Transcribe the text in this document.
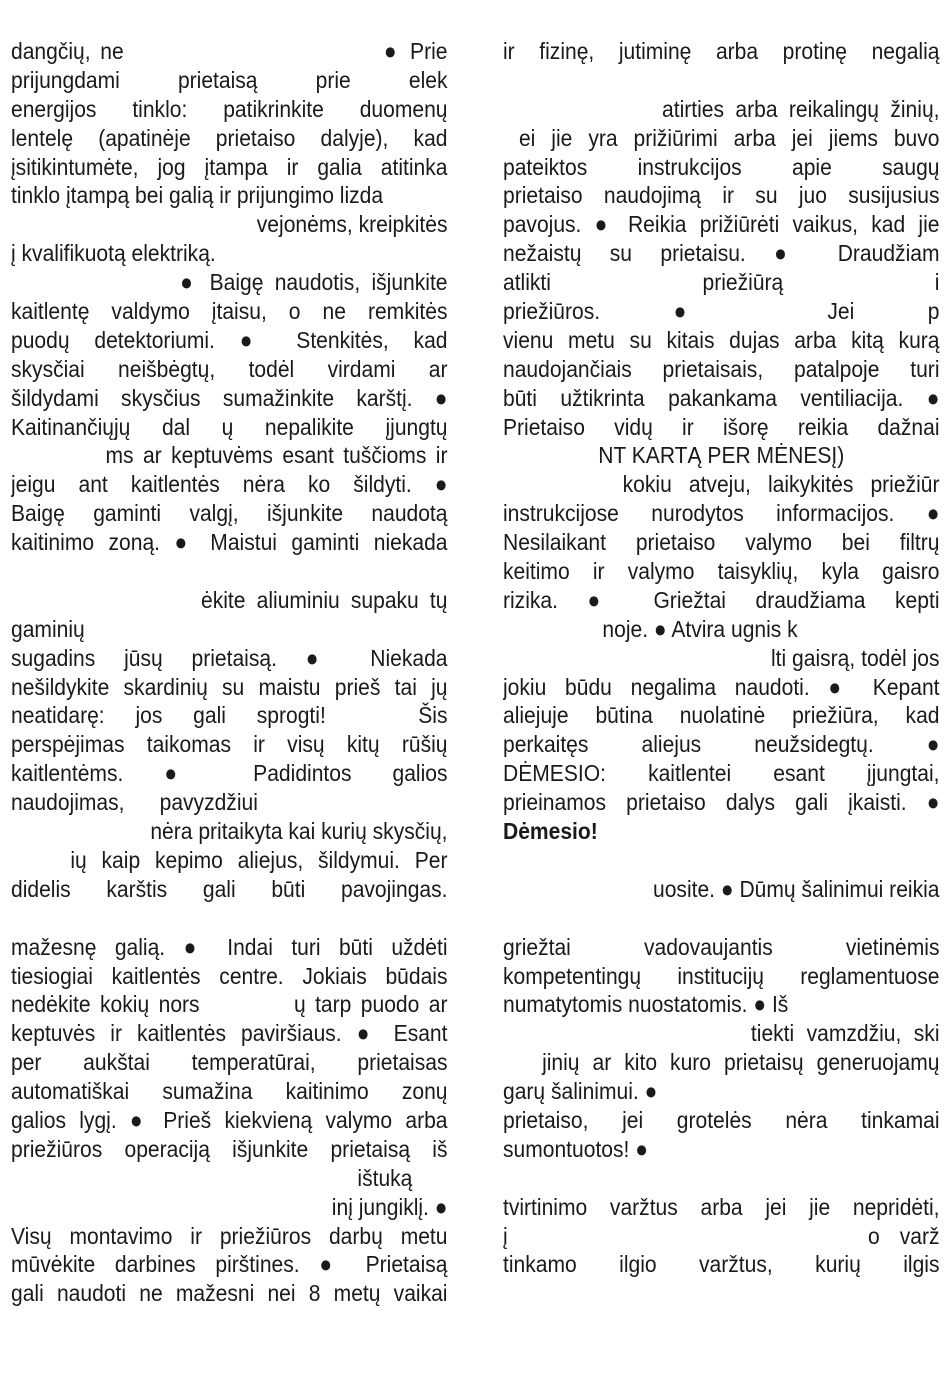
dangčių, ne                           ● Prie
prijungdami prietaisą prie elek
energijos tinklo: patikrinkite duomenų
lentelę (apatinėje prietaiso dalyje), kad
įsitikintumėte, jog įtampa ir galia atitinka
tinklo įtampą bei galią ir prijungimo lizda
vejonėms, kreipkitės
į kvalifikuotą elektriką.
● Baigę naudotis, išjunkite
kaitlentę valdymo įtaisu, o ne remkitės
puodų detektoriumi. ● Stenkitės, kad
skysčiai neišbėgtų, todėl virdami ar
šildydami skysčius sumažinkite karštį. ●
Kaitinančiųjų dal ų nepalikite įjungtų
ms ar keptuvėms esant tuščioms ir
jeigu ant kaitlentės nėra ko šildyti. ●
Baigę gaminti valgį, išjunkite naudotą
kaitinimo zoną. ● Maistui gaminti niekada
ėkite aliuminiu supaku tų
gaminių
sugadins jūsų prietaisą. ● Niekada
nešildykite skardinių su maistu prieš tai jų
neatidarę: jos gali sprogti!   Šis
perspėjimas taikomas ir visų kitų rūšių
kaitlentėms. ● Padidintos galios
naudojimas,      pavyzdžiui
nėra pritaikyta kai kurių skysčių,
ių kaip kepimo aliejus, šildymui. Per
didelis karštis gali būti pavojingas.
mažesnę galią. ● Indai turi būti uždėti
tiesiogiai kaitlentės centre. Jokiais būdais
nedėkite kokių nors          ų tarp puodo ar
keptuvės ir kaitlentės paviršiaus. ● Esant
per aukštai temperatūrai, prietaisas
automatiškai sumažina kaitinimo zonų
galios lygį. ● Prieš kiekvieną valymo arba
priežiūros operaciją išjunkite prietaisą iš
ištuką
inį jungiklį. ●
Visų montavimo ir priežiūros darbų metu
mūvėkite darbines pirštines. ● Prietaisą
gali naudoti ne mažesni nei 8 metų vaikai
ir fizinę, jutiminę arba protinę negalią
atirties arba reikalingų žinių,
ei jie yra prižiūrimi arba jei jiems buvo
pateiktos instrukcijos apie saugų
prietaiso naudojimą ir su juo susijusius
pavojus. ● Reikia prižiūrėti vaikus, kad jie
nežaistų su prietaisu. ● Draudžiam
atlikti priežiūrą i
priežiūros. ● Jei p
vienu metu su kitais dujas arba kitą kurą
naudojančiais prietaisais, patalpoje turi
būti užtikrinta pakankama ventiliacija. ●
Prietaiso vidų ir išorę reikia dažnai
NT KARTĄ PER MĖNESĮ)
kokiu atveju, laikykitės priežiūr
instrukcijose nurodytos informacijos. ●
Nesilaikant prietaiso valymo bei filtrų
keitimo ir valymo taisyklių, kyla gaisro
rizika. ● Griežtai draudžiama kepti
noje. ● Atvira ugnis k
lti gaisrą, todėl jos
jokiu būdu negalima naudoti. ● Kepant
aliejuje būtina nuolatinė priežiūra, kad
perkaitęs aliejus neužsidegtų. ●
DĖMESIO: kaitlentei esant įjungtai,
prieinamos prietaiso dalys gali įkaisti. ●
Dėmesio!
uosite. ● Dūmų šalinimui reikia
griežtai vadovaujantis vietinėmis
kompetentingų institucijų reglamentuose
numatytomis nuostatomis. ● Iš
tiekti vamzdžiu, ski
jinių ar kito kuro prietaisų generuojamų
garų šalinimui. ●
prietaiso, jei grotelės nėra tinkamai
sumontuotos! ●
tvirtinimo varžtus arba jei jie nepridėti,
į                  o varž
tinkamo ilgio varžtus, kurių ilgis
